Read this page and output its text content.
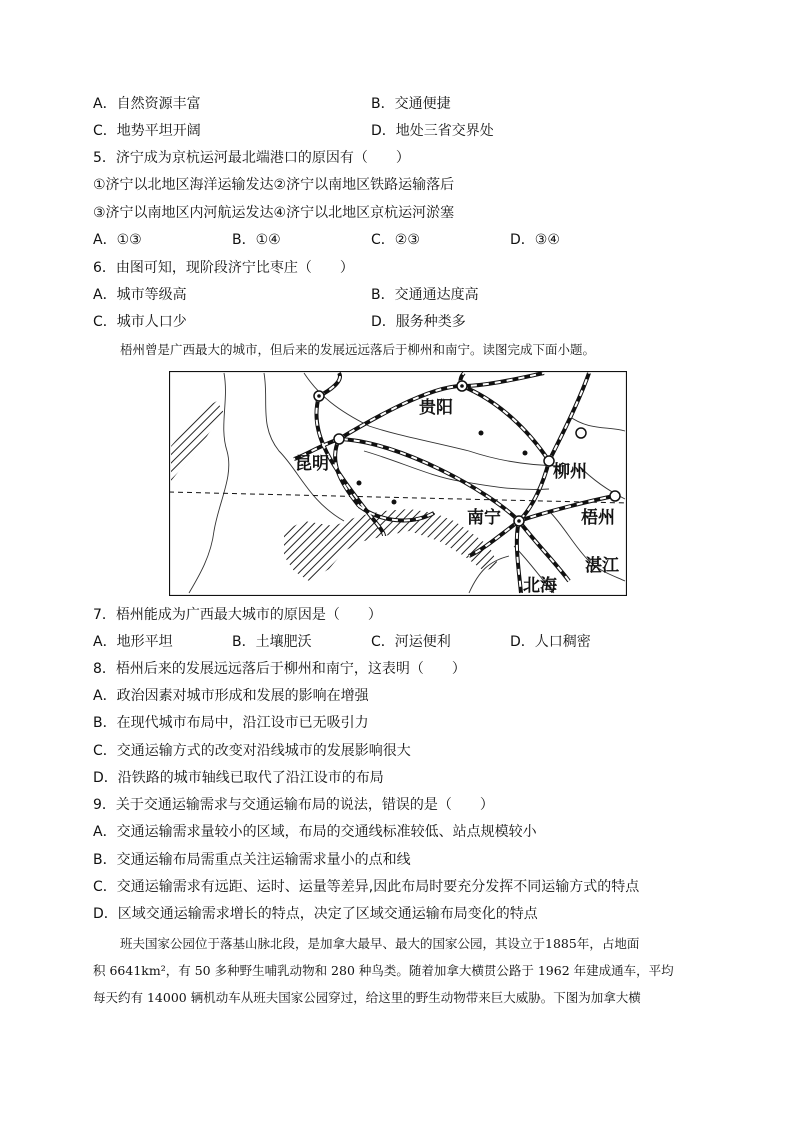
A．自然资源丰富	B．交通便捷
C．地势平坦开阔	D．地处三省交界处
5．济宁成为京杭运河最北端港口的原因有（　　）
①济宁以北地区海洋运输发达②济宁以南地区铁路运输落后
③济宁以南地区内河航运发达④济宁以北地区京杭运河淤塞
A．①③	B．①④	C．②③	D．③④
6．由图可知，现阶段济宁比枣庄（　　）
A．城市等级高	B．交通通达度高
C．城市人口少	D．服务种类多
梧州曾是广西最大的城市，但后来的发展远远落后于柳州和南宁。读图完成下面小题。
贵阳
昆明	柳州
梧州
南宁
湛江
北海
7．梧州能成为广西最大城市的原因是（　　）
A．地形平坦	B．土壤肥沃	C．河运便利	D．人口稠密
8．梧州后来的发展远远落后于柳州和南宁，这表明（　　）
A．政治因素对城市形成和发展的影响在增强
B．在现代城市布局中，沿江设市已无吸引力
C．交通运输方式的改变对沿线城市的发展影响很大
D．沿铁路的城市轴线已取代了沿江设市的布局
9．关于交通运输需求与交通运输布局的说法，错误的是（　　）
A．交通运输需求量较小的区域，布局的交通线标准较低、站点规模较小
B．交通运输布局需重点关注运输需求量小的点和线
C．交通运输需求有远距、运时、运量等差异,因此布局时要充分发挥不同运输方式的特点
D．区域交通运输需求增长的特点，决定了区域交通运输布局变化的特点
班夫国家公园位于落基山脉北段，是加拿大最早、最大的国家公园，其设立于1885年，占地面
积 6641km²，有 50 多种野生哺乳动物和 280 种鸟类。随着加拿大横贯公路于 1962 年建成通车，平均
每天约有 14000 辆机动车从班夫国家公园穿过，给这里的野生动物带来巨大威胁。下图为加拿大横
